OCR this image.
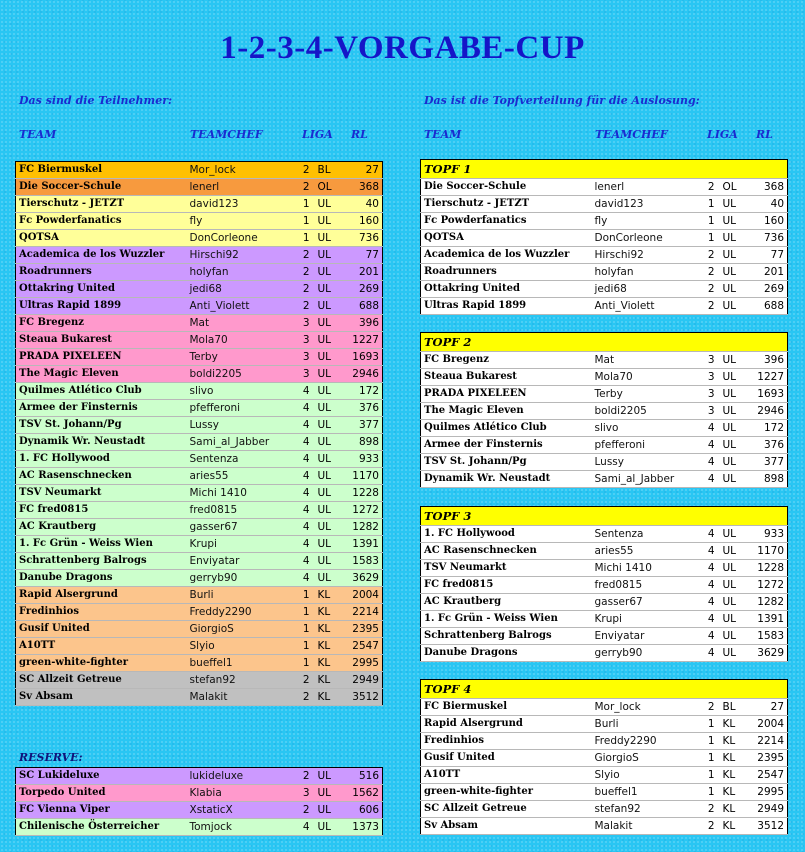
1-2-3-4-VORGABE-CUP
Das sind die Teilnehmer:	Das ist die Topfverteilung für die Auslosung:
TEAM	TEAMCHEF	LIGA RL	TEAM	TEAMCHEF	LIGA RL
FC Biermuskel	Mor_lock	2	BL	27
Die Soccer-Schule	lenerl	2	OL	368
Tierschutz - JETZT	david123	1	UL	40
Fc Powderfanatics	fly	1	UL	160
QOTSA	DonCorleone	1	UL	736
Academica de los Wuzzler	Hirschi92	2	UL	77
Roadrunners	holyfan	2	UL	201
Ottakring United	jedi68	2	UL	269
Ultras Rapid 1899	Anti_Violett	2	UL	688
FC Bregenz	Mat	3	UL	396
Steaua Bukarest	Mola70	3	UL	1227
PRADA PIXELEEN	Terby	3	UL	1693
The Magic Eleven	boldi2205	3	UL	2946
Quilmes Atlético Club	slivo	4	UL	172
Armee der Finsternis	pfefferoni	4	UL	376
TSV St. Johann/Pg	Lussy	4	UL	377
Dynamik Wr. Neustadt	Sami_al_Jabber	4	UL	898
1. FC Hollywood	Sentenza	4	UL	933
AC Rasenschnecken	aries55	4	UL	1170
TSV Neumarkt	Michi 1410	4	UL	1228
FC fred0815	fred0815	4	UL	1272
AC Krautberg	gasser67	4	UL	1282
1. Fc Grün - Weiss Wien	Krupi	4	UL	1391
Schrattenberg Balrogs	Enviyatar	4	UL	1583
Danube Dragons	gerryb90	4	UL	3629
Rapid Alsergrund	Burli	1	KL	2004
Fredinhios	Freddy2290	1	KL	2214
Gusif United	GiorgioS	1	KL	2395
A10TT	Slyio	1	KL	2547
green-white-fighter	bueffel1	1	KL	2995
SC Allzeit Getreue	stefan92	2	KL	2949
Sv Absam	Malakit	2	KL	3512
RESERVE:
SC Lukideluxe	lukideluxe	2	UL	516
Torpedo United	Klabia	3	UL	1562
FC Vienna Viper	XstaticX	2	UL	606
Chilenische Österreicher	Tomjock	4	UL	1373
TOPF 1				
Die Soccer-Schule	lenerl	2	OL	368
Tierschutz - JETZT	david123	1	UL	40
Fc Powderfanatics	fly	1	UL	160
QOTSA	DonCorleone	1	UL	736
Academica de los Wuzzler	Hirschi92	2	UL	77
Roadrunners	holyfan	2	UL	201
Ottakring United	jedi68	2	UL	269
Ultras Rapid 1899	Anti_Violett	2	UL	688
TOPF 2				
FC Bregenz	Mat	3	UL	396
Steaua Bukarest	Mola70	3	UL	1227
PRADA PIXELEEN	Terby	3	UL	1693
The Magic Eleven	boldi2205	3	UL	2946
Quilmes Atlético Club	slivo	4	UL	172
Armee der Finsternis	pfefferoni	4	UL	376
TSV St. Johann/Pg	Lussy	4	UL	377
Dynamik Wr. Neustadt	Sami_al_Jabber	4	UL	898
TOPF 3				
1. FC Hollywood	Sentenza	4	UL	933
AC Rasenschnecken	aries55	4	UL	1170
TSV Neumarkt	Michi 1410	4	UL	1228
FC fred0815	fred0815	4	UL	1272
AC Krautberg	gasser67	4	UL	1282
1. Fc Grün - Weiss Wien	Krupi	4	UL	1391
Schrattenberg Balrogs	Enviyatar	4	UL	1583
Danube Dragons	gerryb90	4	UL	3629
TOPF 4				
FC Biermuskel	Mor_lock	2	BL	27
Rapid Alsergrund	Burli	1	KL	2004
Fredinhios	Freddy2290	1	KL	2214
Gusif United	GiorgioS	1	KL	2395
A10TT	Slyio	1	KL	2547
green-white-fighter	bueffel1	1	KL	2995
SC Allzeit Getreue	stefan92	2	KL	2949
Sv Absam	Malakit	2	KL	3512
